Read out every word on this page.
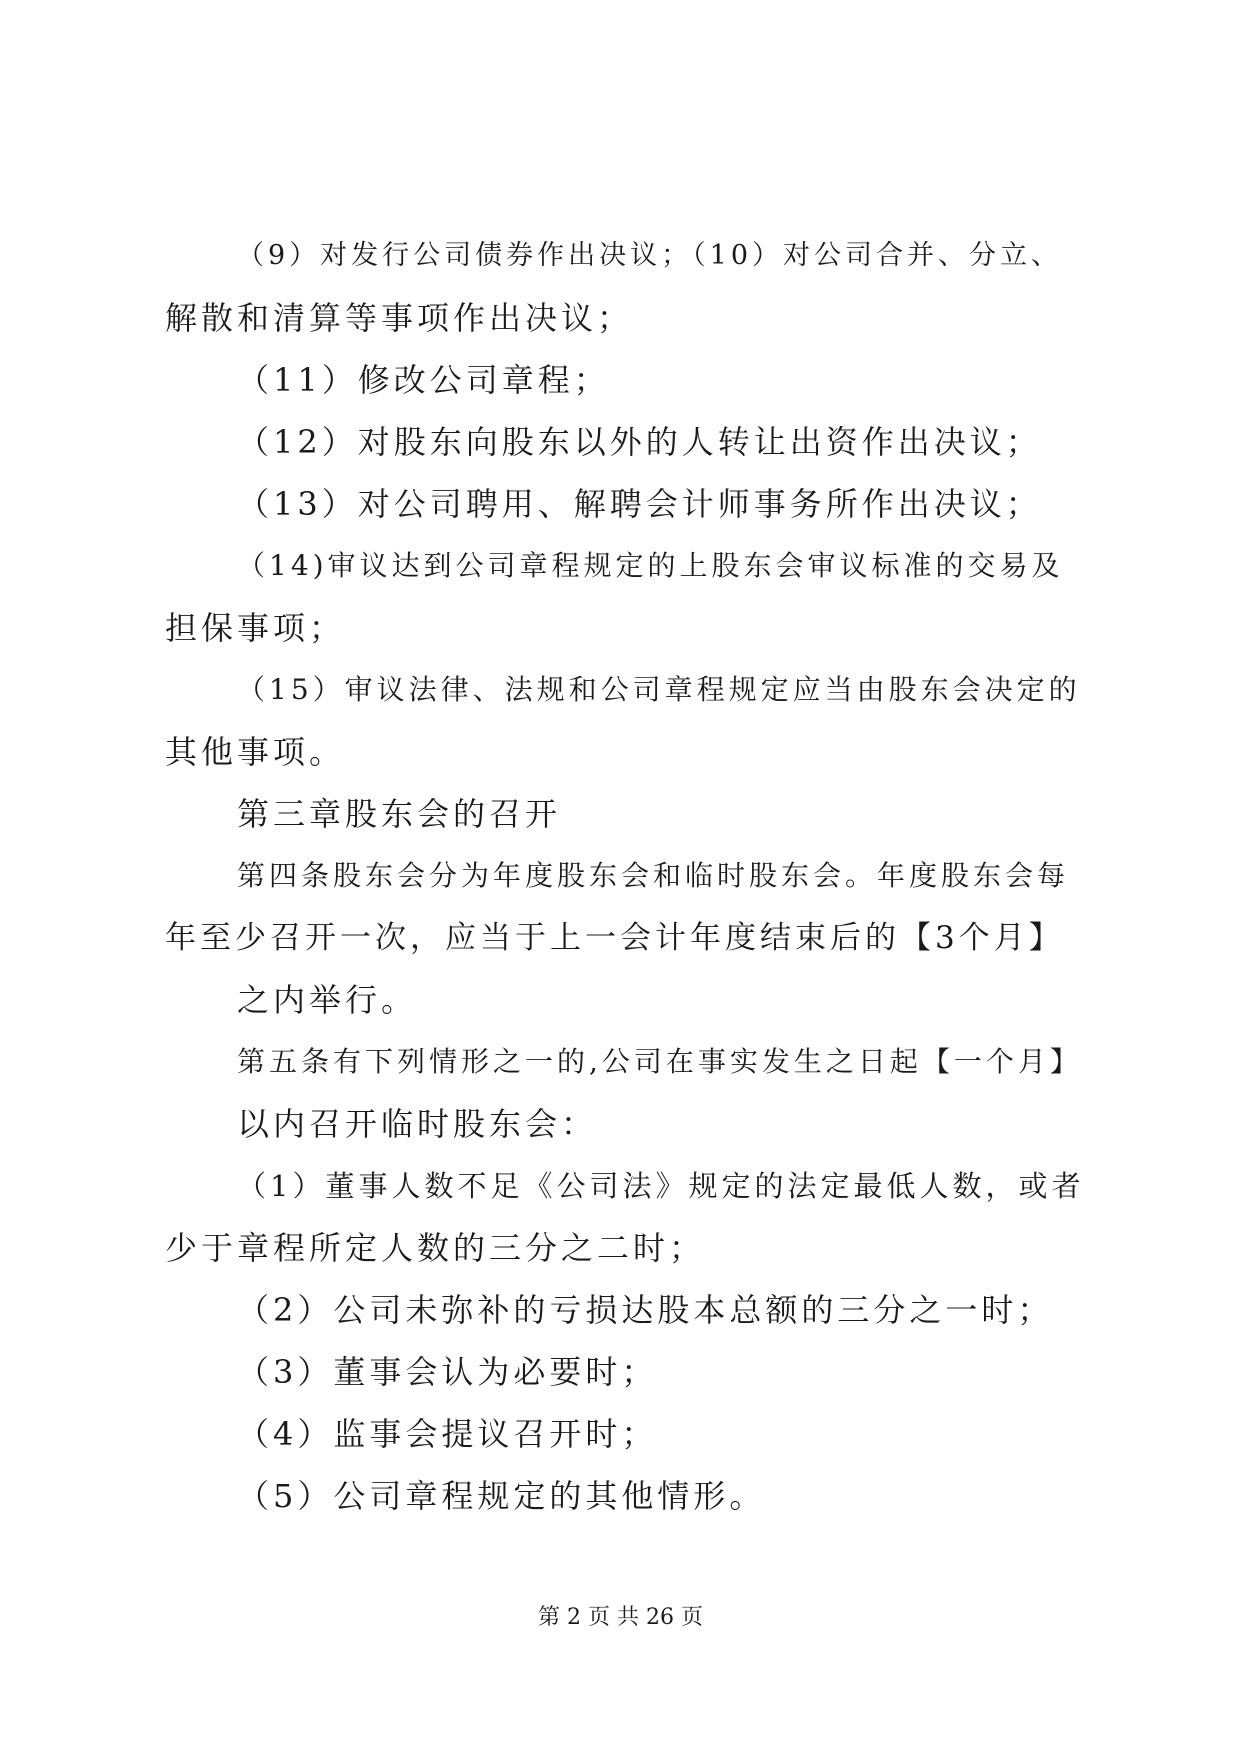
（9）对发行公司债券作出决议；（10）对公司合并、分立、
解散和清算等事项作出决议；
（11）修改公司章程；
（12）对股东向股东以外的人转让出资作出决议；
（13）对公司聘用、解聘会计师事务所作出决议；
（14)审议达到公司章程规定的上股东会审议标准的交易及
担保事项；
（15）审议法律、法规和公司章程规定应当由股东会决定的
其他事项。
第三章股东会的召开
第四条股东会分为年度股东会和临时股东会。年度股东会每
年至少召开一次，应当于上一会计年度结束后的【3个月】
之内举行。
第五条有下列情形之一的,公司在事实发生之日起【一个月】
以内召开临时股东会：
（1）董事人数不足《公司法》规定的法定最低人数，或者
少于章程所定人数的三分之二时；
（2）公司未弥补的亏损达股本总额的三分之一时；
（3）董事会认为必要时；
（4）监事会提议召开时；
（5）公司章程规定的其他情形。
第 2 页 共 26 页
